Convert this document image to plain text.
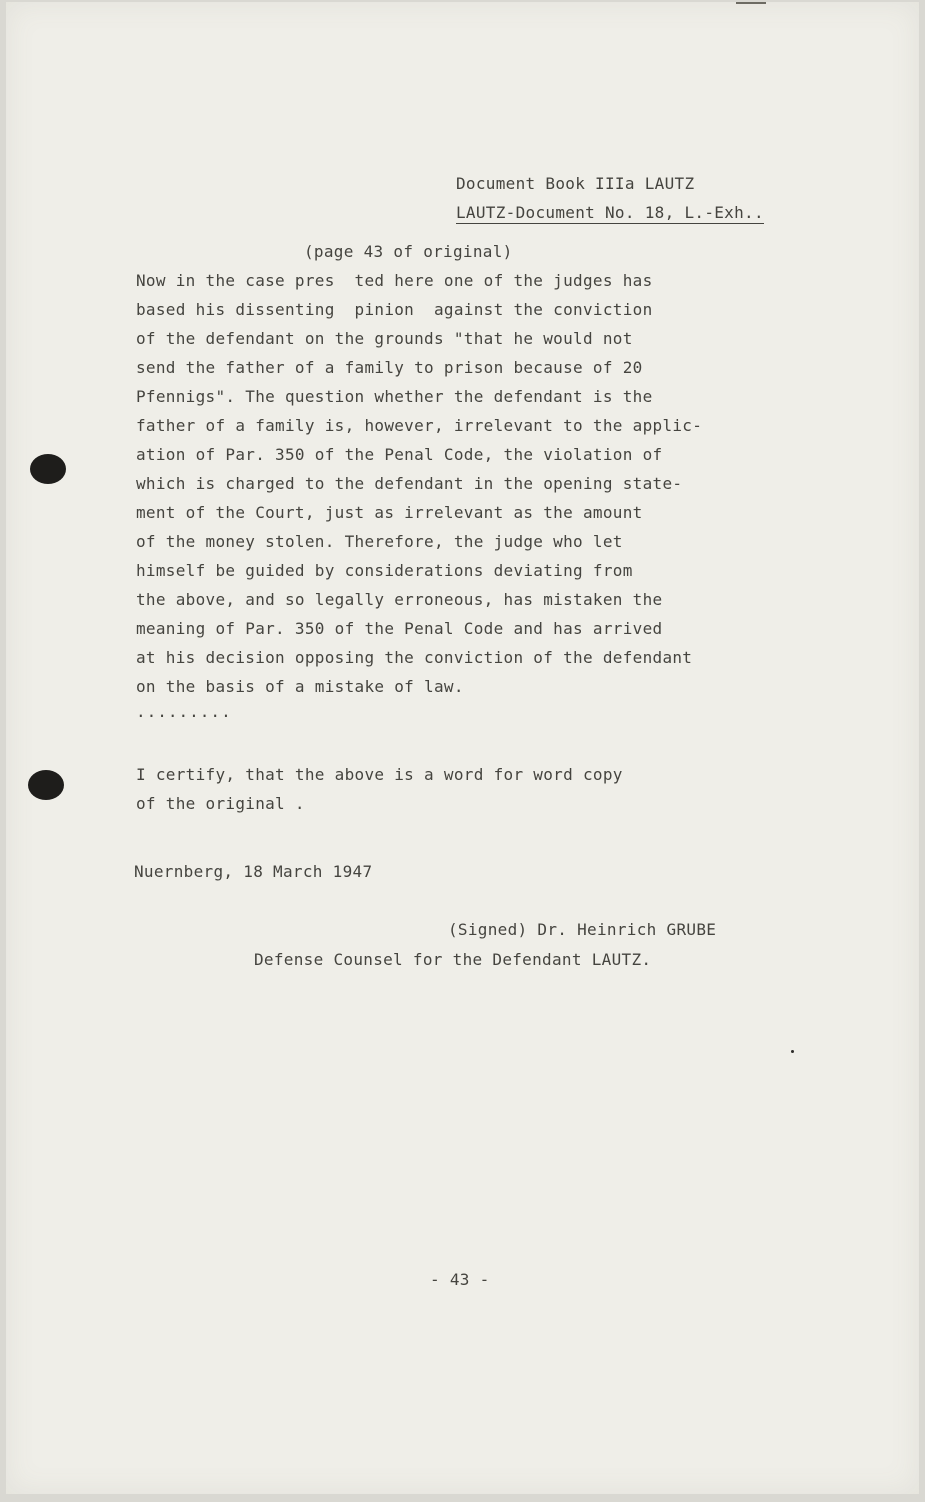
Document Book IIIa LAUTZ
LAUTZ-Document No. 18, L.-Exh..
(page 43 of original)
Now in the case pres  ted here one of the judges has
based his dissenting  pinion  against the conviction
of the defendant on the grounds "that he would not
send the father of a family to prison because of 20
Pfennigs". The question whether the defendant is the
father of a family is, however, irrelevant to the applic-
ation of Par. 350 of the Penal Code, the violation of
which is charged to the defendant in the opening state-
ment of the Court, just as irrelevant as the amount
of the money stolen. Therefore, the judge who let
himself be guided by considerations deviating from
the above, and so legally erroneous, has mistaken the
meaning of Par. 350 of the Penal Code and has arrived
at his decision opposing the conviction of the defendant
on the basis of a mistake of law.
.........
I certify, that the above is a word for word copy
of the original .
Nuernberg, 18 March 1947
(Signed) Dr. Heinrich GRUBE
Defense Counsel for the Defendant LAUTZ.
- 43 -
